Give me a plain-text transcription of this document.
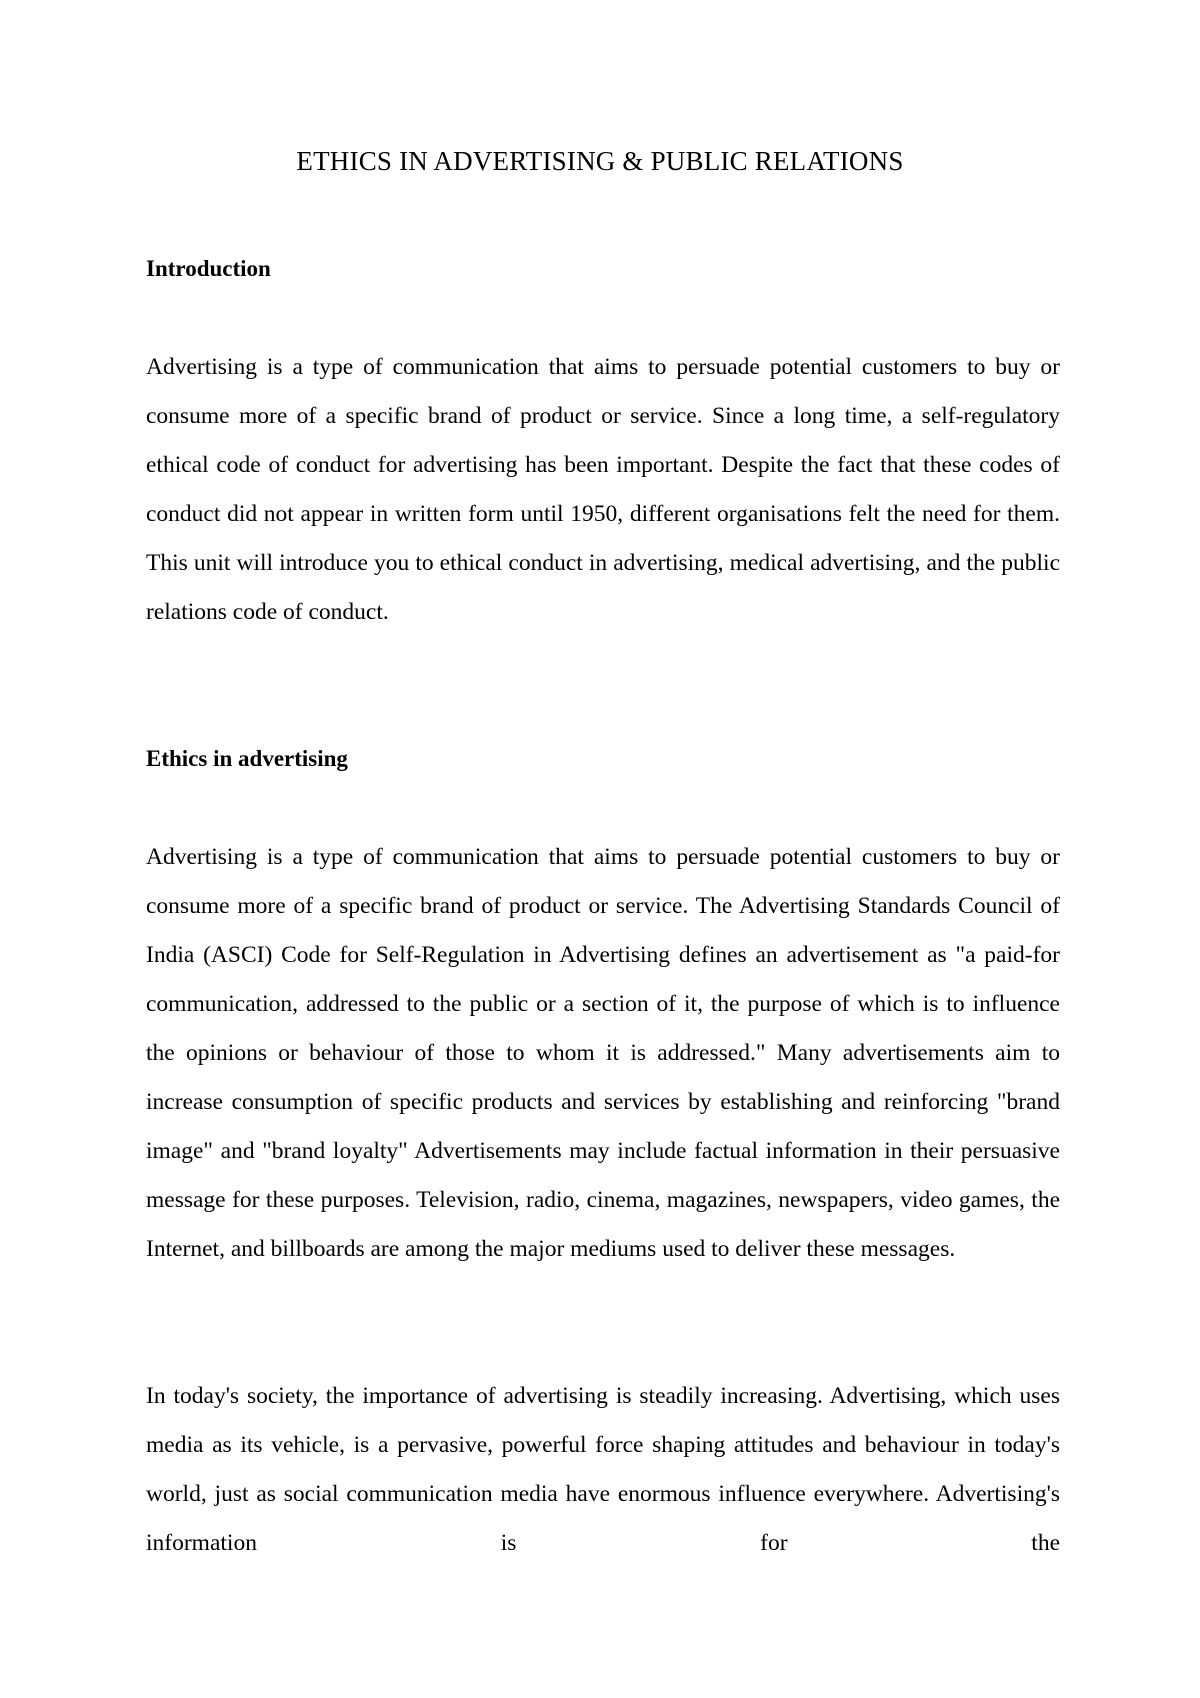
ETHICS IN ADVERTISING & PUBLIC RELATIONS
Introduction

Advertising is a type of communication that aims to persuade potential customers to buy or consume more of a specific brand of product or service. Since a long time, a self-regulatory ethical code of conduct for advertising has been important. Despite the fact that these codes of conduct did not appear in written form until 1950, different organisations felt the need for them. This unit will introduce you to ethical conduct in advertising, medical advertising, and the public relations code of conduct.

Ethics in advertising

Advertising is a type of communication that aims to persuade potential customers to buy or consume more of a specific brand of product or service. The Advertising Standards Council of India (ASCI) Code for Self-Regulation in Advertising defines an advertisement as "a paid-for communication, addressed to the public or a section of it, the purpose of which is to influence the opinions or behaviour of those to whom it is addressed." Many advertisements aim to increase consumption of specific products and services by establishing and reinforcing "brand image" and "brand loyalty" Advertisements may include factual information in their persuasive message for these purposes. Television, radio, cinema, magazines, newspapers, video games, the Internet, and billboards are among the major mediums used to deliver these messages.

In today's society, the importance of advertising is steadily increasing. Advertising, which uses media as its vehicle, is a pervasive, powerful force shaping attitudes and behaviour in today's world, just as social communication media have enormous influence everywhere. Advertising's information is for the
